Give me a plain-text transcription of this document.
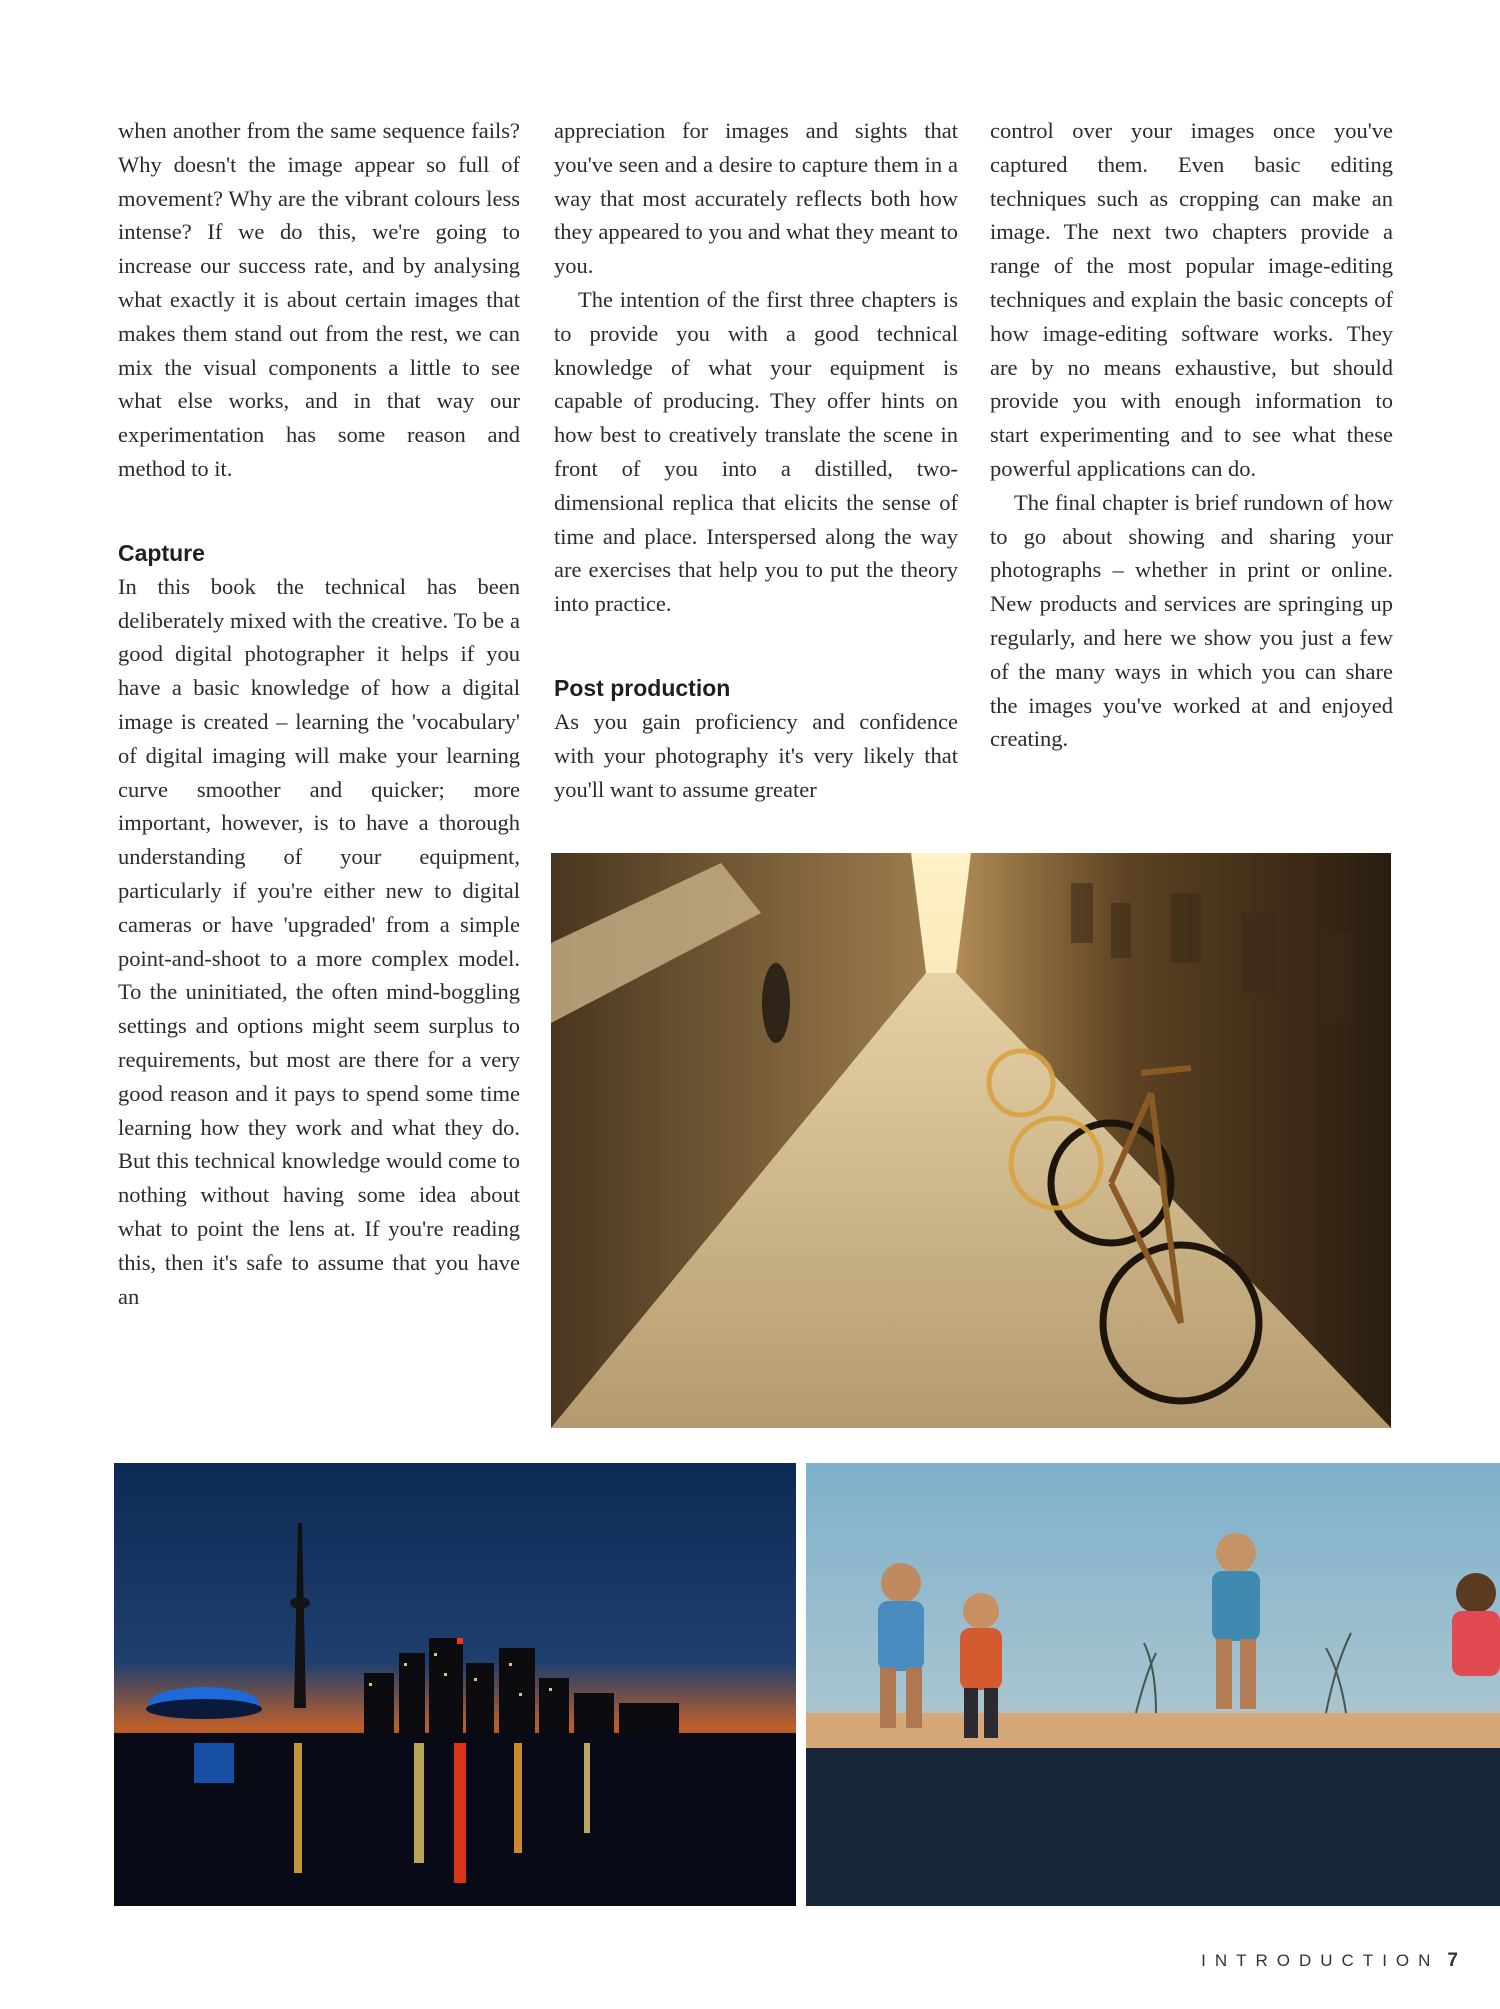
when another from the same sequence fails? Why doesn't the image appear so full of movement? Why are the vibrant colours less intense? If we do this, we're going to increase our success rate, and by analysing what exactly it is about certain images that makes them stand out from the rest, we can mix the visual components a little to see what else works, and in that way our experimentation has some reason and method to it.

Capture

In this book the technical has been deliberately mixed with the creative. To be a good digital photographer it helps if you have a basic knowledge of how a digital image is created – learning the 'vocabulary' of digital imaging will make your learning curve smoother and quicker; more important, however, is to have a thorough understanding of your equipment, particularly if you're either new to digital cameras or have 'upgraded' from a simple point-and-shoot to a more complex model. To the uninitiated, the often mind-boggling settings and options might seem surplus to requirements, but most are there for a very good reason and it pays to spend some time learning how they work and what they do. But this technical knowledge would come to nothing without having some idea about what to point the lens at. If you're reading this, then it's safe to assume that you have an

appreciation for images and sights that you've seen and a desire to capture them in a way that most accurately reflects both how they appeared to you and what they meant to you.

The intention of the first three chapters is to provide you with a good technical knowledge of what your equipment is capable of producing. They offer hints on how best to creatively translate the scene in front of you into a distilled, two-dimensional replica that elicits the sense of time and place. Interspersed along the way are exercises that help you to put the theory into practice.

Post production

As you gain proficiency and confidence with your photography it's very likely that you'll want to assume greater

control over your images once you've captured them. Even basic editing techniques such as cropping can make an image. The next two chapters provide a range of the most popular image-editing techniques and explain the basic concepts of how image-editing software works. They are by no means exhaustive, but should provide you with enough information to start experimenting and to see what these powerful applications can do.

The final chapter is brief rundown of how to go about showing and sharing your photographs – whether in print or online. New products and services are springing up regularly, and here we show you just a few of the many ways in which you can share the images you've worked at and enjoyed creating.

INTRODUCTION 7
